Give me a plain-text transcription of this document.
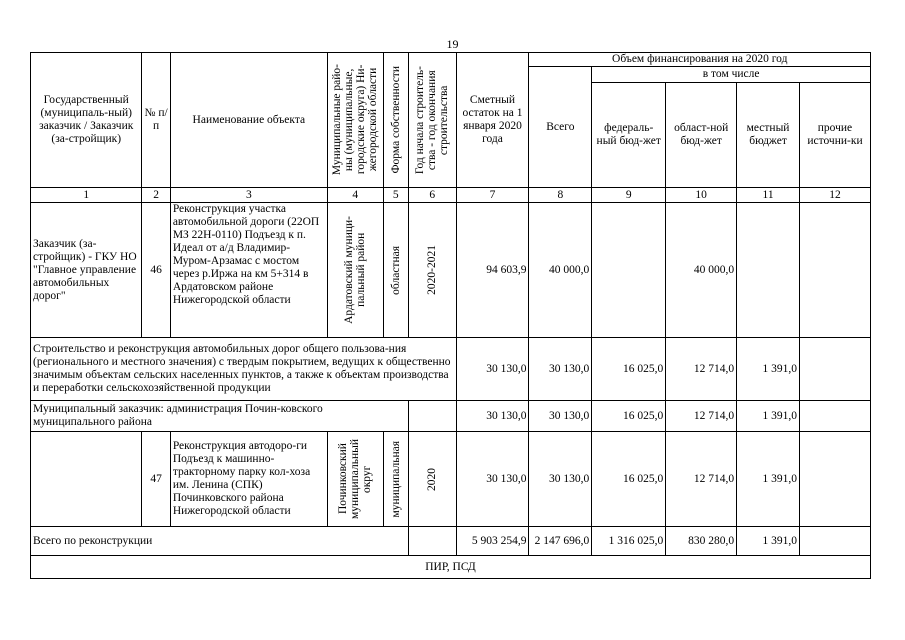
19
Государственный (муниципаль-ный) заказчик / Заказчик (за-стройщик)	№ п/ п	Наименование объекта	Муниципальные райо-
ны (муниципальные,
городские округа) Ни-
жегородской области	Форма собственности	Год начала строитель-
ства - год окончания
строительства	Сметный остаток на 1 января 2020 года	Объем финансирования на 2020 год				
							Всего	в том числе			
								федераль-ный бюд-жет	област-ной бюд-жет	местный бюджет	прочие источни-ки
1	2	3	4	5	6	7	8	9	10	11	12
Заказчик (за-стройщик) - ГКУ НО "Главное управление автомобильных дорог"	46	Реконструкция участка автомобильной дороги (22ОП МЗ 22Н-0110) Подъезд к п. Идеал от а/д Владимир-Муром-Арзамас с мостом через р.Иржа на км 5+314 в Ардатовском районе Нижегородской области	Ардатовский муници-
пальный район	областная	2020-2021	94 603,9	40 000,0		40 000,0		
Строительство и реконструкция автомобильных дорог общего пользова-ния (регионального и местного значения) с твердым покрытием, ведущих к общественно значимым объектам сельских населенных пунктов, а также к объектам производства и переработки сельскохозяйственной продукции						30 130,0	30 130,0	16 025,0	12 714,0	1 391,0	
Муниципальный заказчик: администрация Почин-ковского муниципального района						30 130,0	30 130,0	16 025,0	12 714,0	1 391,0	
	47	Реконструкция автодоро-ги Подъезд к машинно-тракторному парку кол-хоза им. Ленина (СПК) Починковского района Нижегородской области	Починковский
муниципальный
округ	муниципальная	2020	30 130,0	30 130,0	16 025,0	12 714,0	1 391,0	
Всего по реконструкции						5 903 254,9	2 147 696,0	1 316 025,0	830 280,0	1 391,0	
ПИР, ПСД											
